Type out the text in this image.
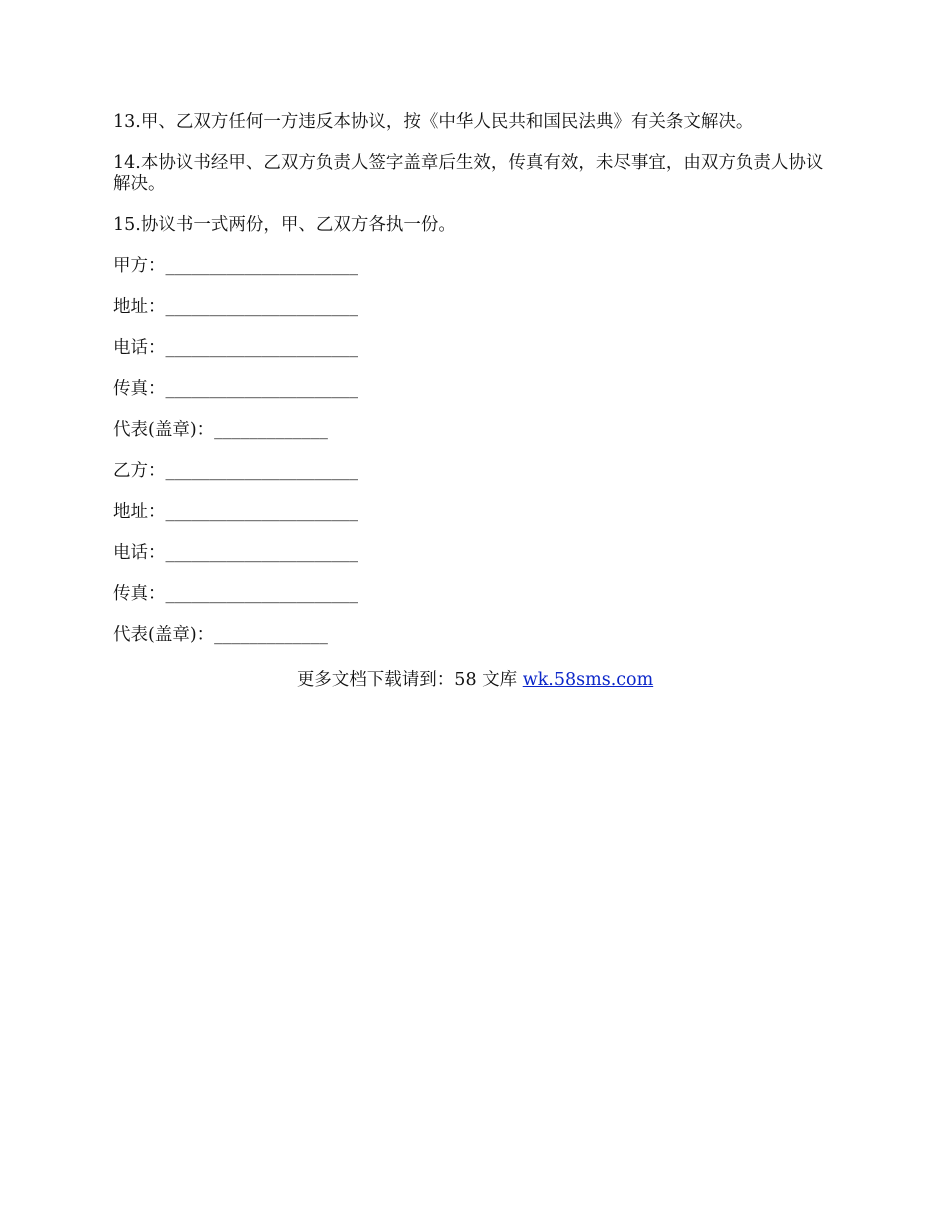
13.甲、乙双方任何一方违反本协议，按《中华人民共和国民法典》有关条文解决。

14.本协议书经甲、乙双方负责人签字盖章后生效，传真有效，未尽事宜，由双方负责人协议解决。

15.协议书一式两份，甲、乙双方各执一份。

甲方：______________________
地址：______________________
电话：______________________
传真：______________________
代表(盖章)：_____________
乙方：______________________
地址：______________________
电话：______________________
传真：______________________
代表(盖章)：_____________
更多文档下载请到：58 文库 wk.58sms.com
